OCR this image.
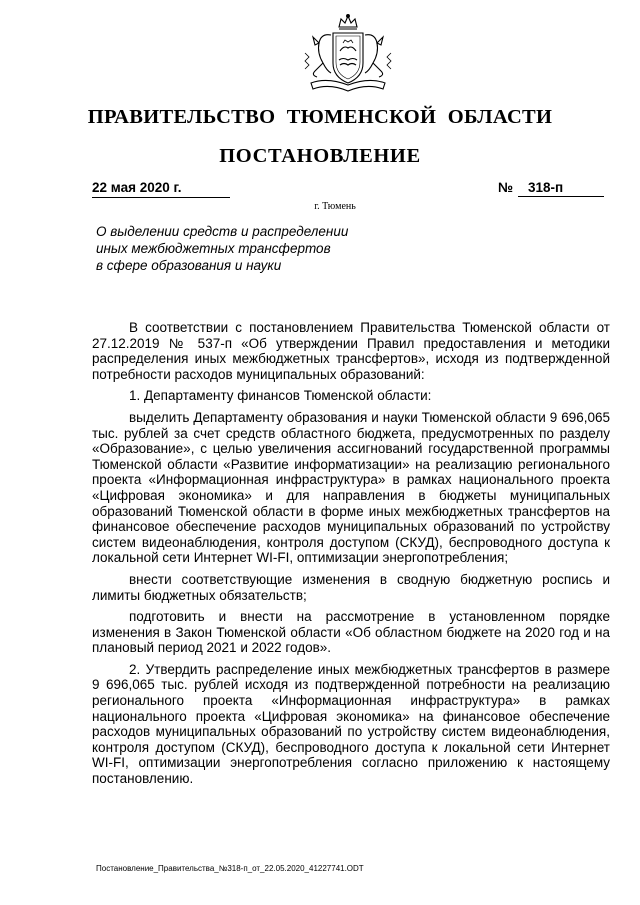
ПРАВИТЕЛЬСТВО ТЮМЕНСКОЙ ОБЛАСТИ
ПОСТАНОВЛЕНИЕ
22 мая 2020 г.	№	318-п
г. Тюмень
О выделении средств и распределении
иных межбюджетных трансфертов
в сфере образования и науки

В соответствии с постановлением Правительства Тюменской области от 27.12.2019 № 537-п «Об утверждении Правил предоставления и методики распределения иных межбюджетных трансфертов», исходя из подтвержденной потребности расходов муниципальных образований:

1. Департаменту финансов Тюменской области:

выделить Департаменту образования и науки Тюменской области 9 696,065 тыс. рублей за счет средств областного бюджета, предусмотренных по разделу «Образование», с целью увеличения ассигнований государственной программы Тюменской области «Развитие информатизации» на реализацию регионального проекта «Информационная инфраструктура» в рамках национального проекта «Цифровая экономика» и для направления в бюджеты муниципальных образований Тюменской области в форме иных межбюджетных трансфертов на финансовое обеспечение расходов муниципальных образований по устройству систем видеонаблюдения, контроля доступом (СКУД), беспроводного доступа к локальной сети Интернет WI-FI, оптимизации энергопотребления;

внести соответствующие изменения в сводную бюджетную роспись и лимиты бюджетных обязательств;

подготовить и внести на рассмотрение в установленном порядке изменения в Закон Тюменской области «Об областном бюджете на 2020 год и на плановый период 2021 и 2022 годов».

2. Утвердить распределение иных межбюджетных трансфертов в размере 9 696,065 тыс. рублей исходя из подтвержденной потребности на реализацию регионального проекта «Информационная инфраструктура» в рамках национального проекта «Цифровая экономика» на финансовое обеспечение расходов муниципальных образований по устройству систем видеонаблюдения, контроля доступом (СКУД), беспроводного доступа к локальной сети Интернет WI-FI, оптимизации энергопотребления согласно приложению к настоящему постановлению.

Постановление_Правительства_№318-п_от_22.05.2020_41227741.ODT
